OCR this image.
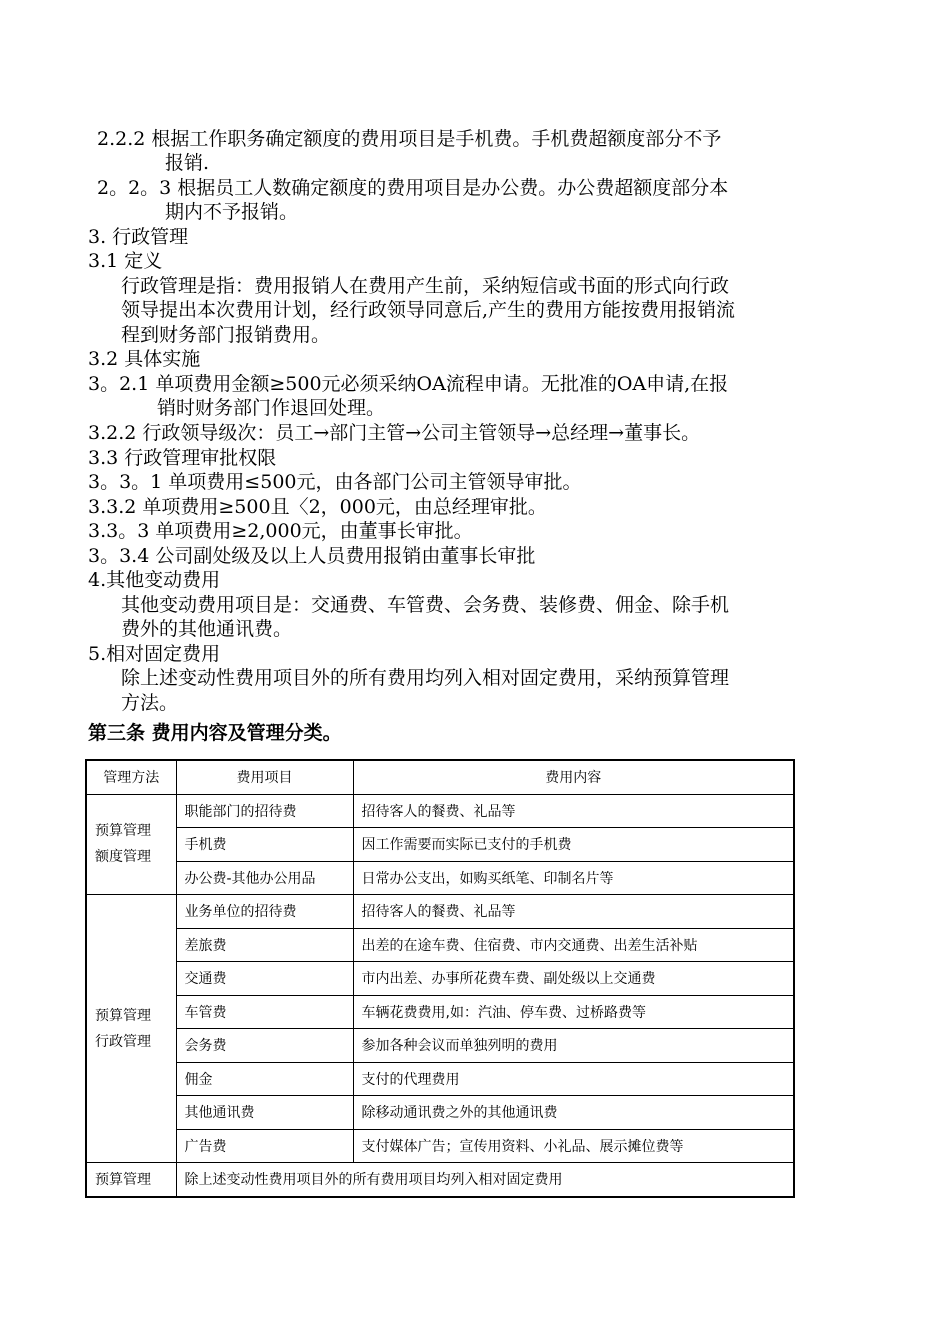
2.2.2 根据工作职务确定额度的费用项目是手机费。手机费超额度部分不予
报销.
2。2。3 根据员工人数确定额度的费用项目是办公费。办公费超额度部分本
期内不予报销。
3. 行政管理
3.1 定义
行政管理是指：费用报销人在费用产生前，采纳短信或书面的形式向行政
领导提出本次费用计划，经行政领导同意后,产生的费用方能按费用报销流
程到财务部门报销费用。
3.2 具体实施
3。2.1 单项费用金额≥500元必须采纳OA流程申请。无批准的OA申请,在报
销时财务部门作退回处理。
3.2.2 行政领导级次：员工→部门主管→公司主管领导→总经理→董事长。
3.3 行政管理审批权限
3。3。1 单项费用≤500元，由各部门公司主管领导审批。
3.3.2 单项费用≥500且〈2，000元，由总经理审批。
3.3。3 单项费用≥2,000元，由董事长审批。
3。3.4 公司副处级及以上人员费用报销由董事长审批
4.其他变动费用
其他变动费用项目是：交通费、车管费、会务费、装修费、佣金、除手机
费外的其他通讯费。
5.相对固定费用
除上述变动性费用项目外的所有费用均列入相对固定费用，采纳预算管理
方法。
第三条 费用内容及管理分类。
管理方法	费用项目	费用内容
预算管理
额度管理	职能部门的招待费	招待客人的餐费、礼品等
	手机费	因工作需要而实际已支付的手机费
	办公费-其他办公用品	日常办公支出，如购买纸笔、印制名片等
预算管理
行政管理	业务单位的招待费	招待客人的餐费、礼品等
	差旅费	出差的在途车费、住宿费、市内交通费、出差生活补贴
	交通费	市内出差、办事所花费车费、副处级以上交通费
	车管费	车辆花费费用,如：汽油、停车费、过桥路费等
	会务费	参加各种会议而单独列明的费用
	佣金	支付的代理费用
	其他通讯费	除移动通讯费之外的其他通讯费
	广告费	支付媒体广告；宣传用资料、小礼品、展示摊位费等
预算管理	除上述变动性费用项目外的所有费用项目均列入相对固定费用	
